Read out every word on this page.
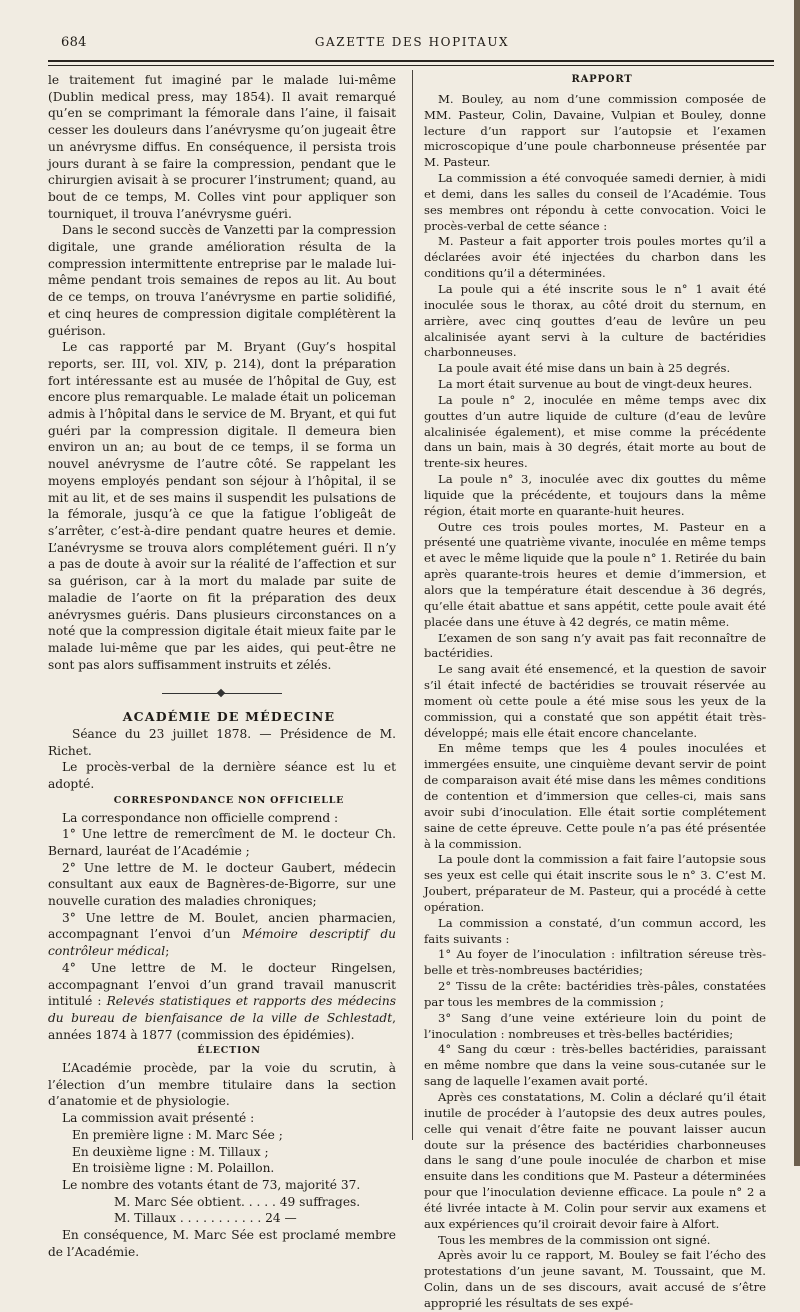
684	GAZETTE DES HOPITAUX

le traitement fut imaginé par le malade lui-même (Dublin medical press, may 1854). Il avait remarqué qu’en se comprimant la fémorale dans l’aine, il faisait cesser les douleurs dans l’anévrysme qu’on jugeait être un anévrysme diffus. En conséquence, il persista trois jours durant à se faire la compression, pendant que le chirurgien avisait à se procurer l’instrument; quand, au bout de ce temps, M. Colles vint pour appliquer son tourniquet, il trouva l’anévrysme guéri.

Dans le second succès de Vanzetti par la compression digitale, une grande amélioration résulta de la compression intermittente entreprise par le malade lui-même pendant trois semaines de repos au lit. Au bout de ce temps, on trouva l’anévrysme en partie solidifié, et cinq heures de compression digitale complétèrent la guérison.

Le cas rapporté par M. Bryant (Guy’s hospital reports, ser. III, vol. XIV, p. 214), dont la préparation fort intéressante est au musée de l’hôpital de Guy, est encore plus remarquable. Le malade était un policeman admis à l’hôpital dans le service de M. Bryant, et qui fut guéri par la compression digitale. Il demeura bien environ un an; au bout de ce temps, il se forma un nouvel anévrysme de l’autre côté. Se rappelant les moyens employés pendant son séjour à l’hôpital, il se mit au lit, et de ses mains il suspendit les pulsations de la fémorale, jusqu’à ce que la fatigue l’obligeât de s’arrêter, c’est-à-dire pendant quatre heures et demie. L’anévrysme se trouva alors complétement guéri. Il n’y a pas de doute à avoir sur la réalité de l’affection et sur sa guérison, car à la mort du malade par suite de maladie de l’aorte on fit la préparation des deux anévrysmes guéris. Dans plusieurs circonstances on a noté que la compression digitale était mieux faite par le malade lui-même que par les aides, qui peut-être ne sont pas alors suffisamment instruits et zélés.

ACADÉMIE DE MÉDECINE

Séance du 23 juillet 1878. — Présidence de M. Richet.

Le procès-verbal de la dernière séance est lu et adopté.

CORRESPONDANCE NON OFFICIELLE

La correspondance non officielle comprend :

1° Une lettre de remercîment de M. le docteur Ch. Bernard, lauréat de l’Académie ;

2° Une lettre de M. le docteur Gaubert, médecin consultant aux eaux de Bagnères-de-Bigorre, sur une nouvelle curation des maladies chroniques;

3° Une lettre de M. Boulet, ancien pharmacien, accompagnant l’envoi d’un Mémoire descriptif du contrôleur médical;

4° Une lettre de M. le docteur Ringelsen, accompagnant l’envoi d’un grand travail manuscrit intitulé : Relevés statistiques et rapports des médecins du bureau de bienfaisance de la ville de Schlestadt, années 1874 à 1877 (commission des épidémies).

ÉLECTION

L’Académie procède, par la voie du scrutin, à l’élection d’un membre titulaire dans la section d’anatomie et de physiologie.

La commission avait présenté :

En première ligne : M. Marc Sée ;

En deuxième ligne : M. Tillaux ;

En troisième ligne : M. Polaillon.

Le nombre des votants étant de 73, majorité 37.

M. Marc Sée obtient. . . . . 49 suffrages.

M. Tillaux . . . . . . . . . . . 24 —

En conséquence, M. Marc Sée est proclamé membre de l’Académie.

RAPPORT

M. Bouley, au nom d’une commission composée de MM. Pasteur, Colin, Davaine, Vulpian et Bouley, donne lecture d’un rapport sur l’autopsie et l’examen microscopique d’une poule charbonneuse présentée par M. Pasteur.

La commission a été convoquée samedi dernier, à midi et demi, dans les salles du conseil de l’Académie. Tous ses membres ont répondu à cette convocation. Voici le procès-verbal de cette séance :

M. Pasteur a fait apporter trois poules mortes qu’il a déclarées avoir été injectées du charbon dans les conditions qu’il a déterminées.

La poule qui a été inscrite sous le n° 1 avait été inoculée sous le thorax, au côté droit du sternum, en arrière, avec cinq gouttes d’eau de levûre un peu alcalinisée ayant servi à la culture de bactéridies charbonneuses.

La poule avait été mise dans un bain à 25 degrés.

La mort était survenue au bout de vingt-deux heures.

La poule n° 2, inoculée en même temps avec dix gouttes d’un autre liquide de culture (d’eau de levûre alcalinisée également), et mise comme la précédente dans un bain, mais à 30 degrés, était morte au bout de trente-six heures.

La poule n° 3, inoculée avec dix gouttes du même liquide que la précédente, et toujours dans la même région, était morte en quarante-huit heures.

Outre ces trois poules mortes, M. Pasteur en a présenté une quatrième vivante, inoculée en même temps et avec le même liquide que la poule n° 1. Retirée du bain après quarante-trois heures et demie d’immersion, et alors que la température était descendue à 36 degrés, qu’elle était abattue et sans appétit, cette poule avait été placée dans une étuve à 42 degrés, ce matin même.

L’examen de son sang n’y avait pas fait reconnaître de bactéridies.

Le sang avait été ensemencé, et la question de savoir s’il était infecté de bactéridies se trouvait réservée au moment où cette poule a été mise sous les yeux de la commission, qui a constaté que son appétit était très-développé; mais elle était encore chancelante.

En même temps que les 4 poules inoculées et immergées ensuite, une cinquième devant servir de point de comparaison avait été mise dans les mêmes conditions de contention et d’immersion que celles-ci, mais sans avoir subi d’inoculation. Elle était sortie complétement saine de cette épreuve. Cette poule n’a pas été présentée à la commission.

La poule dont la commission a fait faire l’autopsie sous ses yeux est celle qui était inscrite sous le n° 3. C’est M. Joubert, préparateur de M. Pasteur, qui a procédé à cette opération.

La commission a constaté, d’un commun accord, les faits suivants :

1° Au foyer de l’inoculation : infiltration séreuse très-belle et très-nombreuses bactéridies;

2° Tissu de la crête: bactéridies très-pâles, constatées par tous les membres de la commission ;

3° Sang d’une veine extérieure loin du point de l’inoculation : nombreuses et très-belles bactéridies;

4° Sang du cœur : très-belles bactéridies, paraissant en même nombre que dans la veine sous-cutanée sur le sang de laquelle l’examen avait porté.

Après ces constatations, M. Colin a déclaré qu’il était inutile de procéder à l’autopsie des deux autres poules, celle qui venait d’être faite ne pouvant laisser aucun doute sur la présence des bactéridies charbonneuses dans le sang d’une poule inoculée de charbon et mise ensuite dans les conditions que M. Pasteur a déterminées pour que l’inoculation devienne efficace. La poule n° 2 a été livrée intacte à M. Colin pour servir aux examens et aux expériences qu’il croirait devoir faire à Alfort.

Tous les membres de la commission ont signé.

Après avoir lu ce rapport, M. Bouley se fait l’écho des protestations d’un jeune savant, M. Toussaint, que M. Colin, dans un de ses discours, avait accusé de s’être approprié les résultats de ses expé-
